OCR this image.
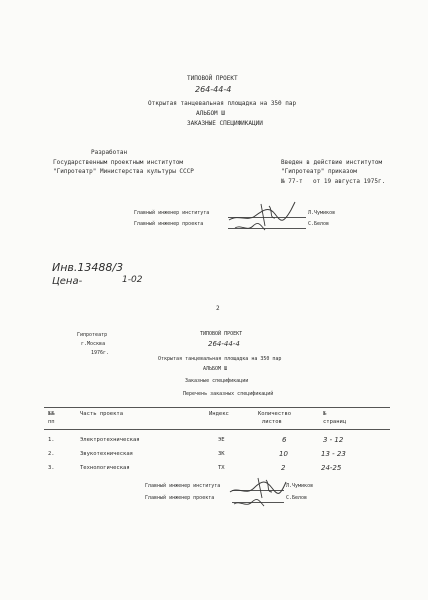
ТИПОВОЙ ПРОЕКТ
264-44-4
Открытая танцевальная площадка на 350 пар
АЛЬБОМ Ш
ЗАКАЗНЫЕ СПЕЦИФИКАЦИИ
Разработан
Государственным проектным институтом
"Гипротеатр" Министерства культуры СССР
Введен в действие институтом
"Гипротеатр" приказом
№ 77-т от 19 августа 1975г.
Главный инженер института	Л.Чумиков
Главный инженер проекта	С.Белов
Инв.13488/3
Цена-	1-02
2
Гипротеатр
г.Москва
1976г.
ТИПОВОЙ ПРОЕКТ
264-44-4
Открытая танцевальная площадка на 350 пар
АЛЬБОМ Ш
Заказные спецификации
Перечень заказных спецификаций
№№
пп
Часть проекта	Индекс	Количество
листов
№
страниц
1.	Электротехническая	ЭЕ	6	3 - 12
2.	Звукотехническая	ЗК	10	13 - 23
3.	Технологическая	ТХ	2	24-25
Главный инженер института	Л.Чумиков
Главный инженер проекта	С.Белов
